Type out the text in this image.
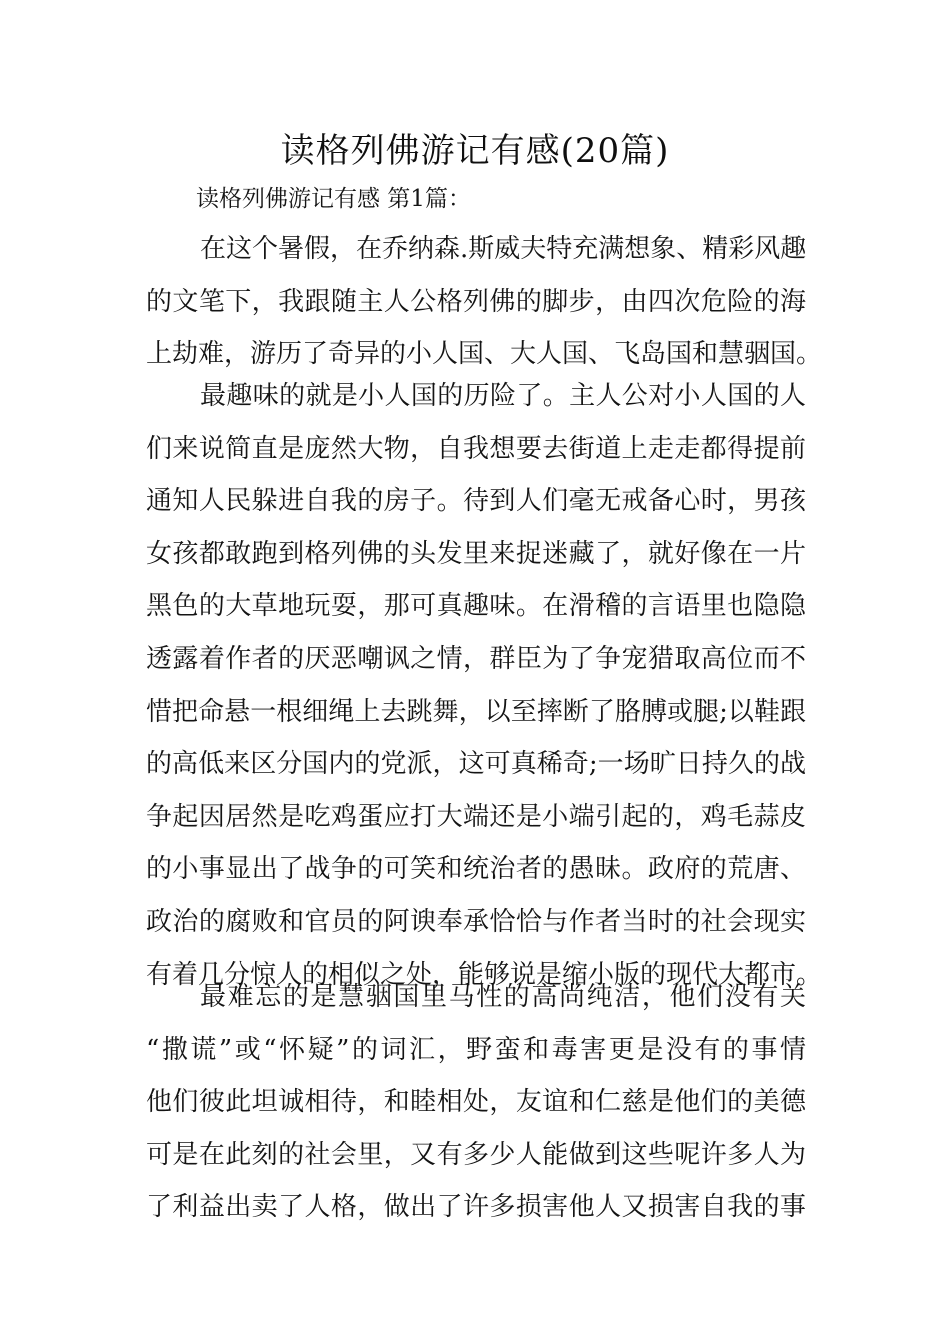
读格列佛游记有感(20篇)
读格列佛游记有感 第1篇：
在这个暑假，在乔纳森.斯威夫特充满想象、精彩风趣
的文笔下，我跟随主人公格列佛的脚步，由四次危险的海
上劫难，游历了奇异的小人国、大人国、飞岛国和慧骃国。
最趣味的就是小人国的历险了。主人公对小人国的人
们来说简直是庞然大物，自我想要去街道上走走都得提前
通知人民躲进自我的房子。待到人们毫无戒备心时，男孩
女孩都敢跑到格列佛的头发里来捉迷藏了，就好像在一片
黑色的大草地玩耍，那可真趣味。在滑稽的言语里也隐隐
透露着作者的厌恶嘲讽之情，群臣为了争宠猎取高位而不
惜把命悬一根细绳上去跳舞，以至摔断了胳膊或腿;以鞋跟
的高低来区分国内的党派，这可真稀奇;一场旷日持久的战
争起因居然是吃鸡蛋应打大端还是小端引起的，鸡毛蒜皮
的小事显出了战争的可笑和统治者的愚昧。政府的荒唐、
政治的腐败和官员的阿谀奉承恰恰与作者当时的社会现实
有着几分惊人的相似之处，能够说是缩小版的现代大都市。
最难忘的是慧骃国里马性的高尚纯洁，他们没有关
“撒谎”或“怀疑”的词汇，野蛮和毒害更是没有的事情
他们彼此坦诚相待，和睦相处，友谊和仁慈是他们的美德
可是在此刻的社会里，又有多少人能做到这些呢许多人为
了利益出卖了人格，做出了许多损害他人又损害自我的事
